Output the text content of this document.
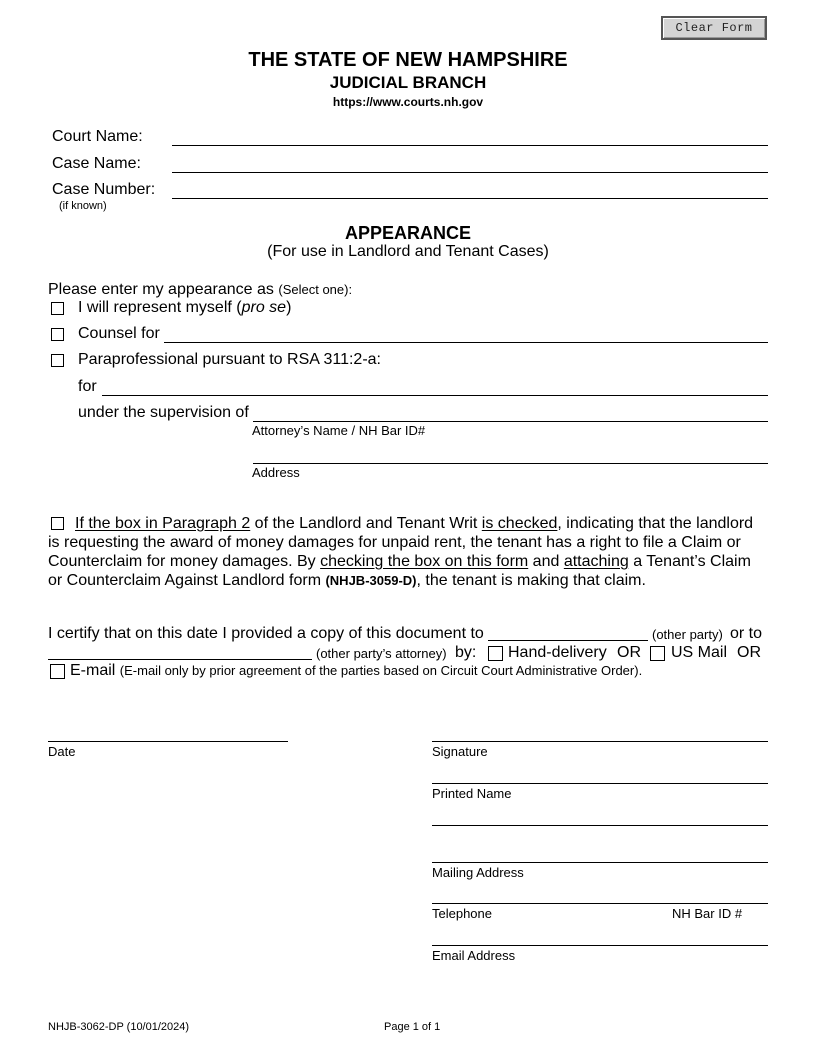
Clear Form
THE STATE OF NEW HAMPSHIRE
JUDICIAL BRANCH
https://www.courts.nh.gov
Court Name:
Case Name:
Case Number:
(if known)
APPEARANCE
(For use in Landlord and Tenant Cases)
Please enter my appearance as (Select one):
I will represent myself (pro se)
Counsel for
Paraprofessional pursuant to RSA 311:2-a:
for
under the supervision of
Attorney’s Name / NH Bar ID#
Address
If the box in Paragraph 2 of the Landlord and Tenant Writ is checked, indicating that the landlord is requesting the award of money damages for unpaid rent, the tenant has a right to file a Claim or Counterclaim for money damages. By checking the box on this form and attaching a Tenant’s Claim or Counterclaim Against Landlord form (NHJB-3059-D), the tenant is making that claim.
I certify that on this date I provided a copy of this document to	(other party) or to
(other party’s attorney) by: Hand-delivery OR US Mail OR
E-mail (E-mail only by prior agreement of the parties based on Circuit Court Administrative Order).
Date	Signature
Printed Name
Mailing Address
Telephone	NH Bar ID #
Email Address
NHJB-3062-DP (10/01/2024)	Page 1 of 1
